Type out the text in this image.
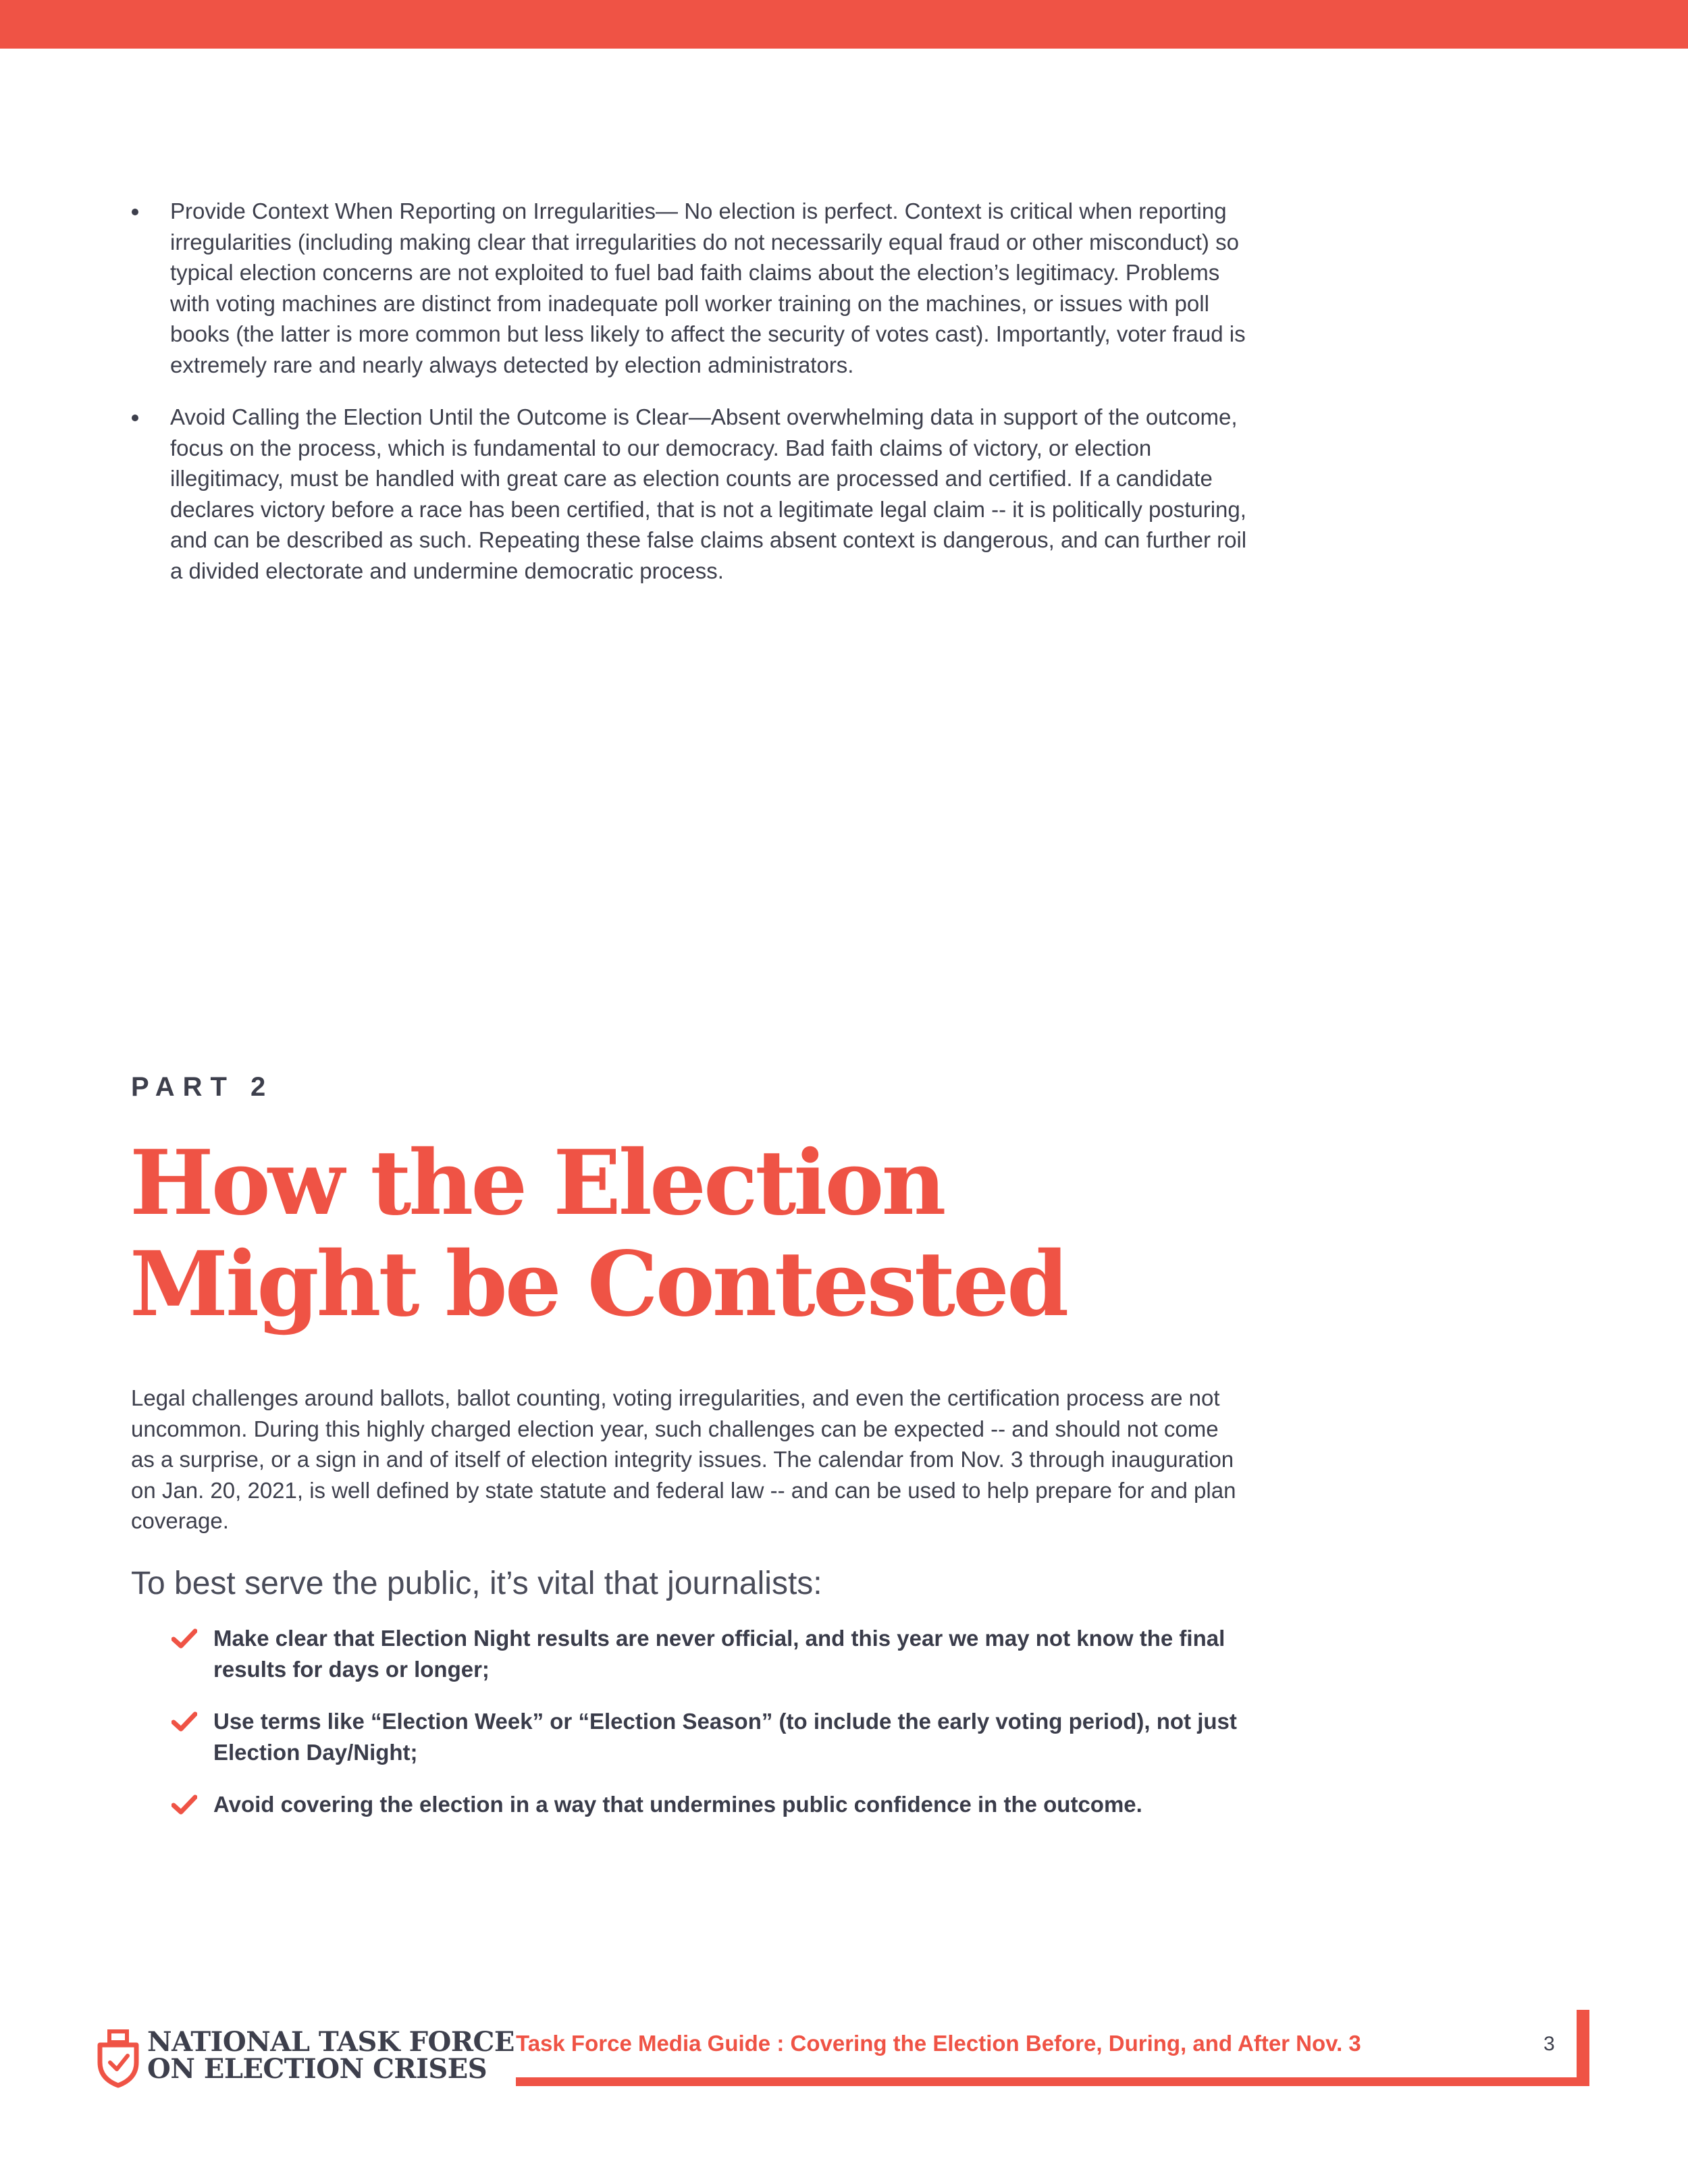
Provide Context When Reporting on Irregularities— No election is perfect. Context is critical when reporting irregularities (including making clear that irregularities do not necessarily equal fraud or other misconduct) so typical election concerns are not exploited to fuel bad faith claims about the election’s legitimacy. Problems with voting machines are distinct from inadequate poll worker training on the machines, or issues with poll books (the latter is more common but less likely to affect the security of votes cast). Importantly, voter fraud is extremely rare and nearly always detected by election administrators.
Avoid Calling the Election Until the Outcome is Clear—Absent overwhelming data in support of the outcome, focus on the process, which is fundamental to our democracy. Bad faith claims of victory, or election illegitimacy, must be handled with great care as election counts are processed and certified. If a candidate declares victory before a race has been certified, that is not a legitimate legal claim -- it is politically posturing, and can be described as such. Repeating these false claims absent context is dangerous, and can further roil a divided electorate and undermine democratic process.

PART 2

How the Election
Might be Contested

Legal challenges around ballots, ballot counting, voting irregularities, and even the certification process are not uncommon. During this highly charged election year, such challenges can be expected -- and should not come as a surprise, or a sign in and of itself of election integrity issues. The calendar from Nov. 3 through inauguration on Jan. 20, 2021, is well defined by state statute and federal law -- and can be used to help prepare for and plan coverage.

To best serve the public, it’s vital that journalists:
Make clear that Election Night results are never official, and this year we may not know the final results for days or longer;
Use terms like “Election Week” or “Election Season” (to include the early voting period), not just Election Day/Night;
Avoid covering the election in a way that undermines public confidence in the outcome.
NATIONAL TASK FORCE
ON ELECTION CRISES

Task Force Media Guide : Covering the Election Before, During, and After Nov. 3	3
